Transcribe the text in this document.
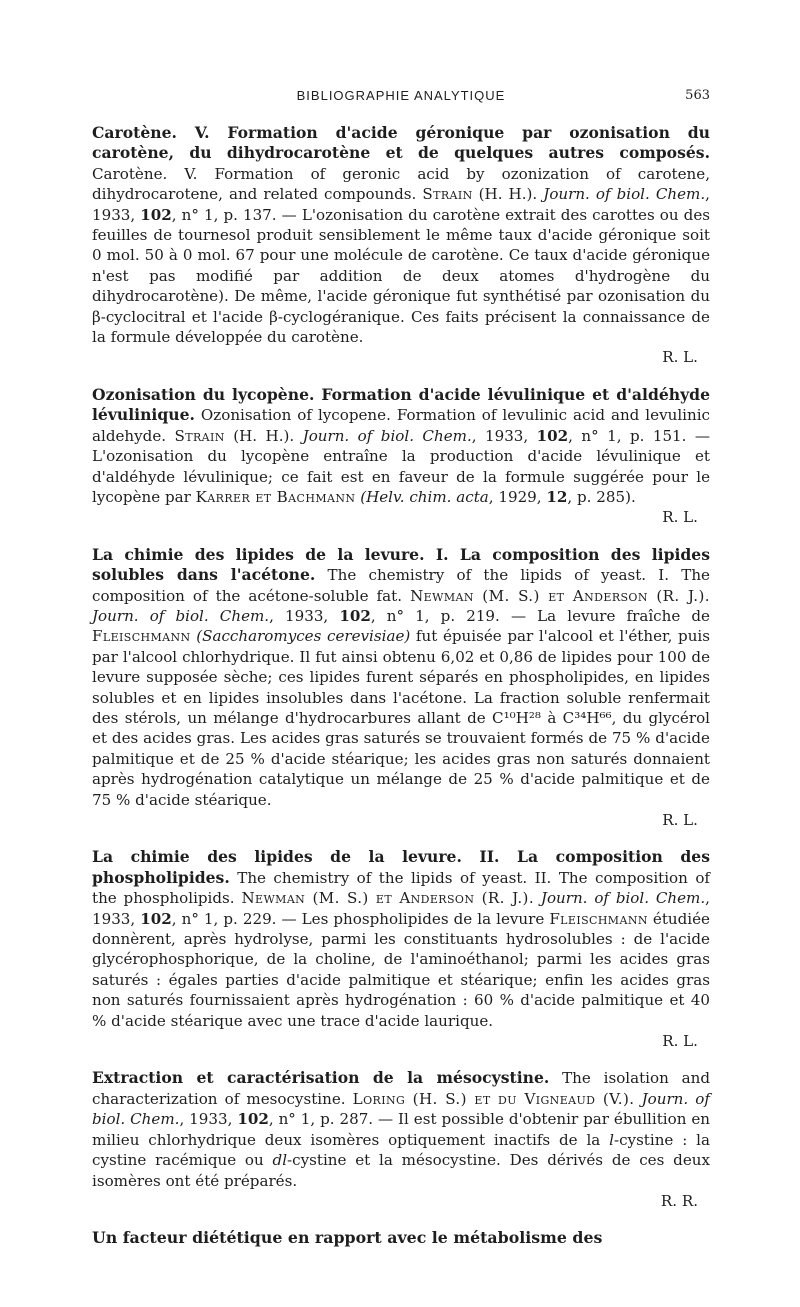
BIBLIOGRAPHIE ANALYTIQUE	563

Carotène. V. Formation d'acide géronique par ozonisation du carotène, du dihydrocarotène et de quelques autres composés. Carotène. V. Formation of geronic acid by ozonization of carotene, dihydrocarotene, and related compounds. Strain (H. H.). Journ. of biol. Chem., 1933, 102, n° 1, p. 137. — L'ozonisation du carotène extrait des carottes ou des feuilles de tournesol produit sensiblement le même taux d'acide géronique soit 0 mol. 50 à 0 mol. 67 pour une molécule de carotène. Ce taux d'acide géronique n'est pas modifié par addition de deux atomes d'hydrogène du dihydrocarotène). De même, l'acide géronique fut synthétisé par ozonisation du β-cyclocitral et l'acide β-cyclogéranique. Ces faits précisent la connaissance de la formule développée du carotène.
R. L.

Ozonisation du lycopène. Formation d'acide lévulinique et d'aldéhyde lévulinique. Ozonisation of lycopene. Formation of levulinic acid and levulinic aldehyde. Strain (H. H.). Journ. of biol. Chem., 1933, 102, n° 1, p. 151. — L'ozonisation du lycopène entraîne la production d'acide lévulinique et d'aldéhyde lévulinique; ce fait est en faveur de la formule suggérée pour le lycopène par Karrer et Bachmann (Helv. chim. acta, 1929, 12, p. 285).
R. L.

La chimie des lipides de la levure. I. La composition des lipides solubles dans l'acétone. The chemistry of the lipids of yeast. I. The composition of the acétone-soluble fat. Newman (M. S.) et Anderson (R. J.). Journ. of biol. Chem., 1933, 102, n° 1, p. 219. — La levure fraîche de Fleischmann (Saccharomyces cerevisiae) fut épuisée par l'alcool et l'éther, puis par l'alcool chlorhydrique. Il fut ainsi obtenu 6,02 et 0,86 de lipides pour 100 de levure supposée sèche; ces lipides furent séparés en phospholipides, en lipides solubles et en lipides insolubles dans l'acétone. La fraction soluble renfermait des stérols, un mélange d'hydrocarbures allant de C¹⁰H²⁸ à C³⁴H⁶⁶, du glycérol et des acides gras. Les acides gras saturés se trouvaient formés de 75 % d'acide palmitique et de 25 % d'acide stéarique; les acides gras non saturés donnaient après hydrogénation catalytique un mélange de 25 % d'acide palmitique et de 75 % d'acide stéarique.
R. L.

La chimie des lipides de la levure. II. La composition des phospholipides. The chemistry of the lipids of yeast. II. The composition of the phospholipids. Newman (M. S.) et Anderson (R. J.). Journ. of biol. Chem., 1933, 102, n° 1, p. 229. — Les phospholipides de la levure Fleischmann étudiée donnèrent, après hydrolyse, parmi les constituants hydrosolubles : de l'acide glycérophosphorique, de la choline, de l'aminoéthanol; parmi les acides gras saturés : égales parties d'acide palmitique et stéarique; enfin les acides gras non saturés fournissaient après hydrogénation : 60 % d'acide palmitique et 40 % d'acide stéarique avec une trace d'acide laurique.
R. L.

Extraction et caractérisation de la mésocystine. The isolation and characterization of mesocystine. Loring (H. S.) et du Vigneaud (V.). Journ. of biol. Chem., 1933, 102, n° 1, p. 287. — Il est possible d'obtenir par ébullition en milieu chlorhydrique deux isomères optiquement inactifs de la l-cystine : la cystine racémique ou dl-cystine et la mésocystine. Des dérivés de ces deux isomères ont été préparés.
R. R.

Un facteur diététique en rapport avec le métabolisme des
